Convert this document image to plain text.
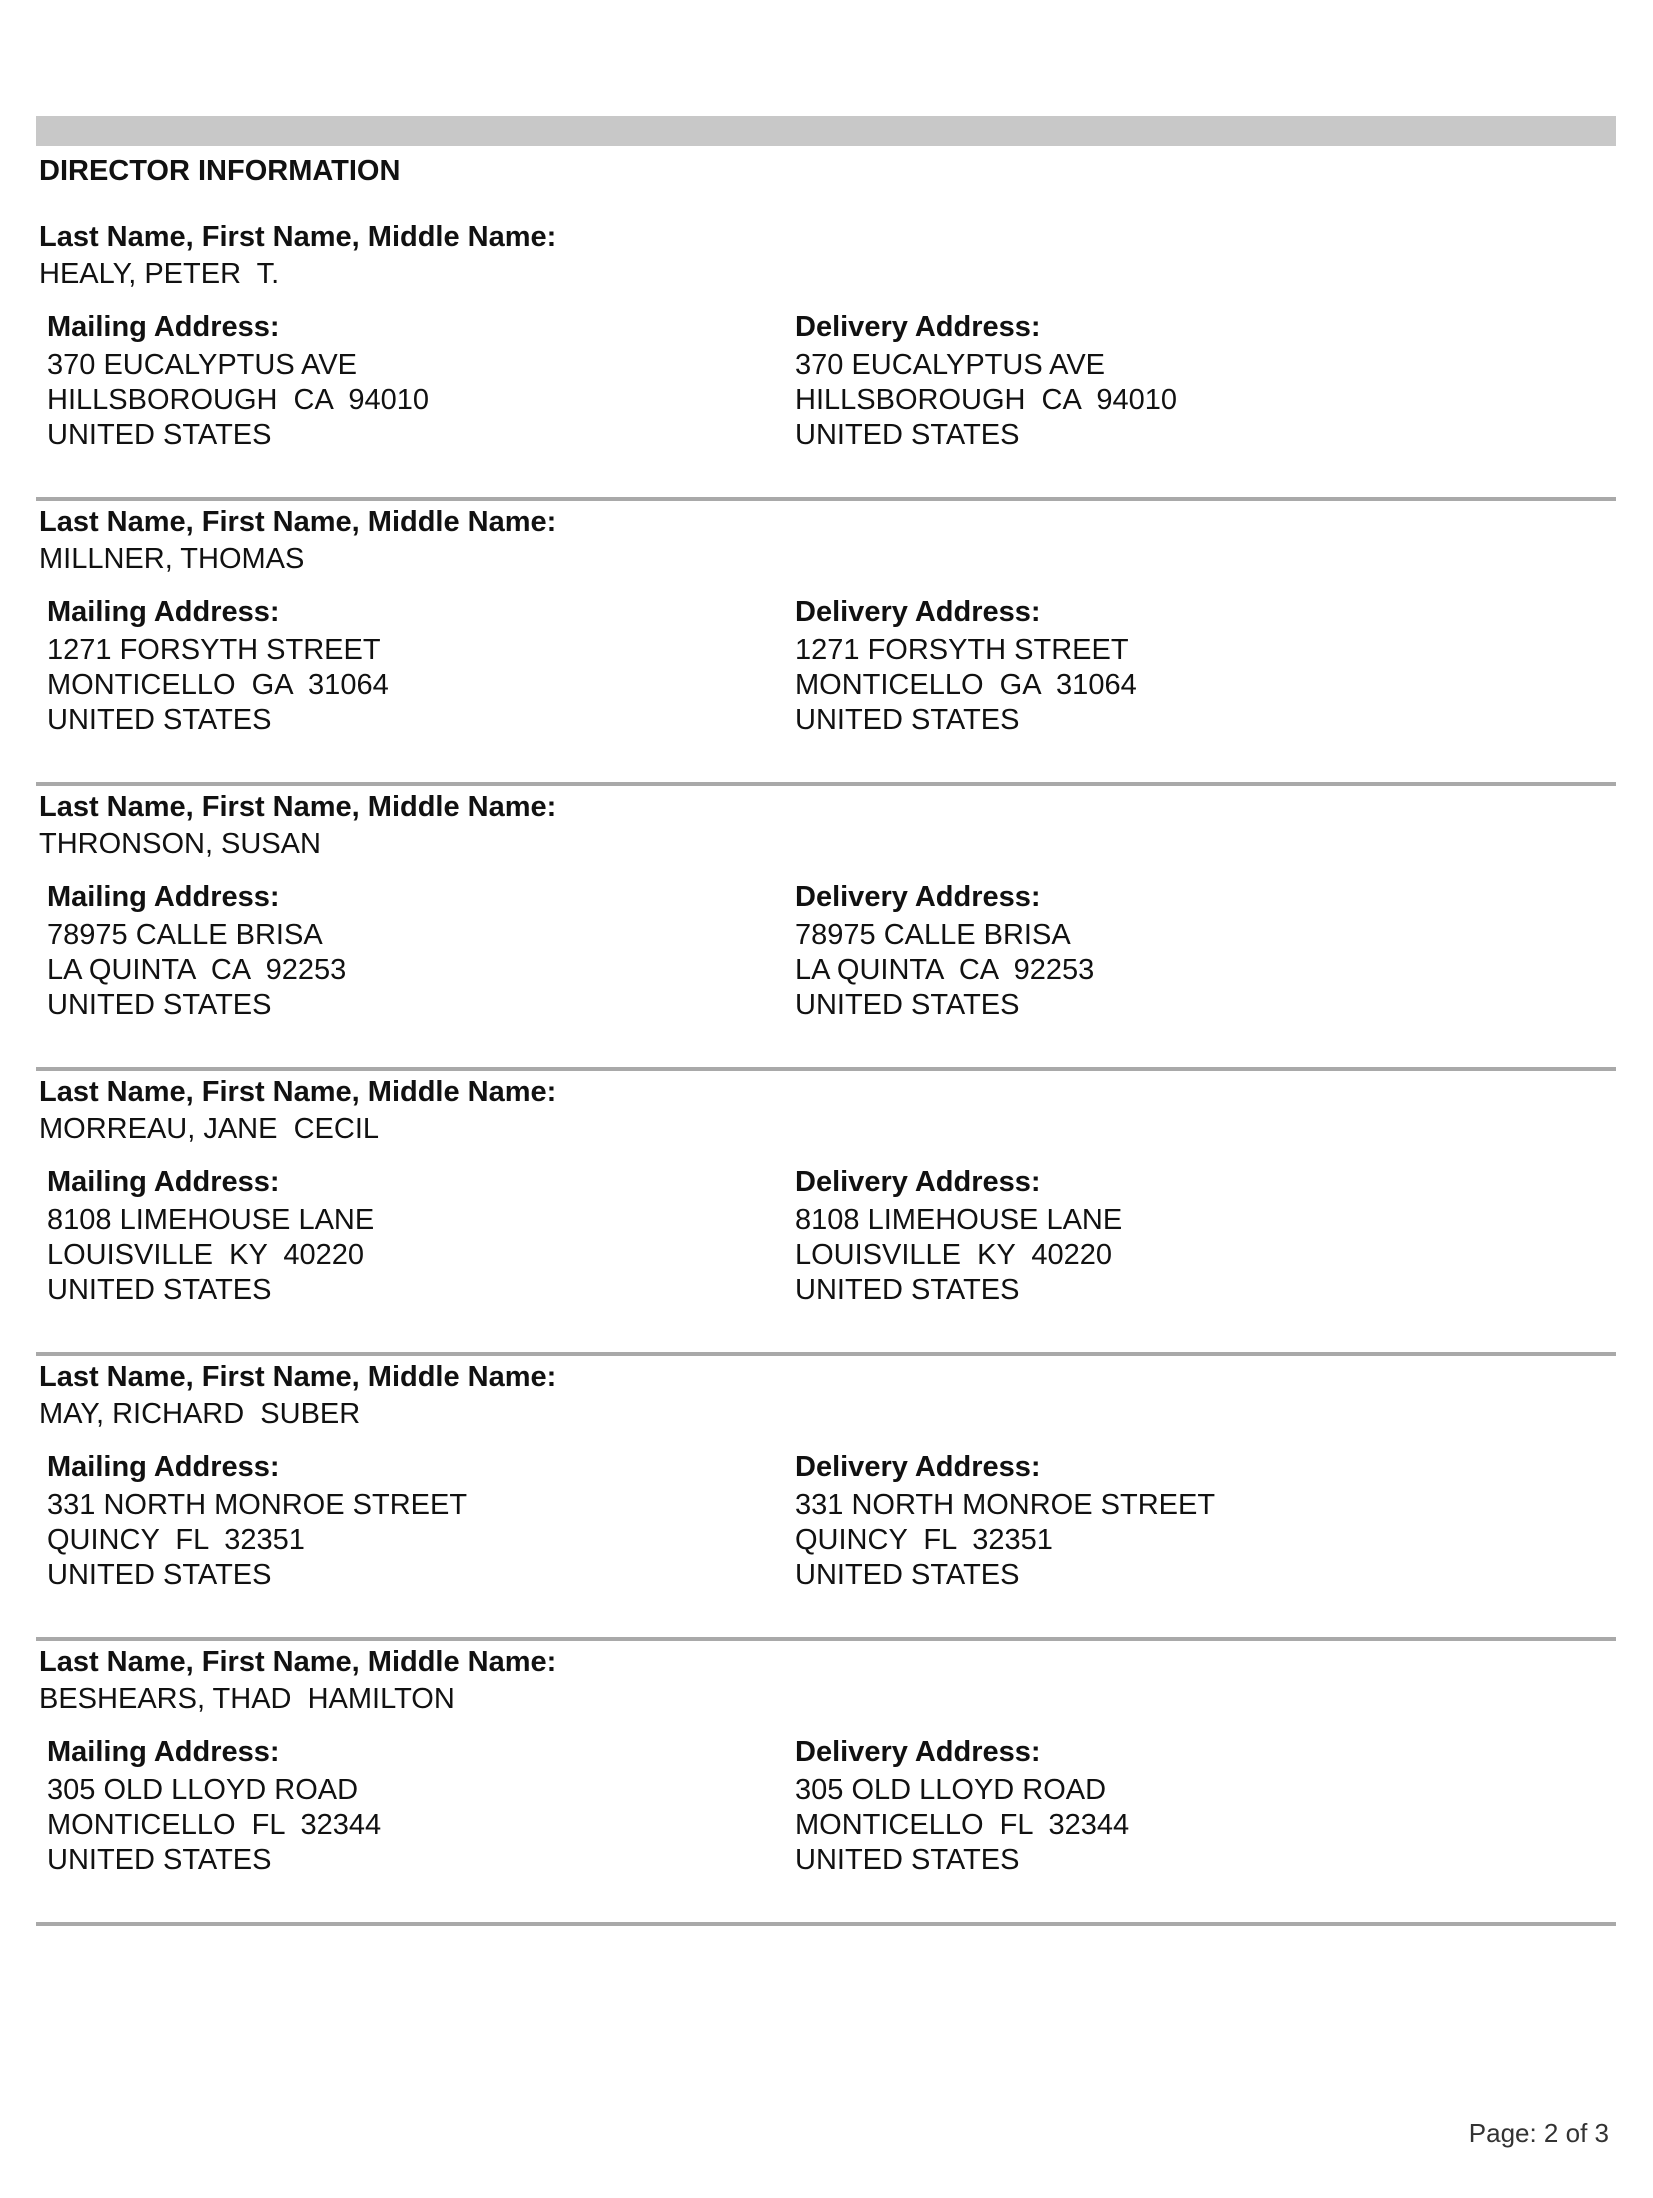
DIRECTOR INFORMATION
Last Name, First Name, Middle Name:
HEALY, PETER  T.
Mailing Address:
370 EUCALYPTUS AVE
HILLSBOROUGH  CA  94010
UNITED STATES
Delivery Address:
370 EUCALYPTUS AVE
HILLSBOROUGH  CA  94010
UNITED STATES
Last Name, First Name, Middle Name:
MILLNER, THOMAS
Mailing Address:
1271 FORSYTH STREET
MONTICELLO  GA  31064
UNITED STATES
Delivery Address:
1271 FORSYTH STREET
MONTICELLO  GA  31064
UNITED STATES
Last Name, First Name, Middle Name:
THRONSON, SUSAN
Mailing Address:
78975 CALLE BRISA
LA QUINTA  CA  92253
UNITED STATES
Delivery Address:
78975 CALLE BRISA
LA QUINTA  CA  92253
UNITED STATES
Last Name, First Name, Middle Name:
MORREAU, JANE  CECIL
Mailing Address:
8108 LIMEHOUSE LANE
LOUISVILLE  KY  40220
UNITED STATES
Delivery Address:
8108 LIMEHOUSE LANE
LOUISVILLE  KY  40220
UNITED STATES
Last Name, First Name, Middle Name:
MAY, RICHARD  SUBER
Mailing Address:
331 NORTH MONROE STREET
QUINCY  FL  32351
UNITED STATES
Delivery Address:
331 NORTH MONROE STREET
QUINCY  FL  32351
UNITED STATES
Last Name, First Name, Middle Name:
BESHEARS, THAD  HAMILTON
Mailing Address:
305 OLD LLOYD ROAD
MONTICELLO  FL  32344
UNITED STATES
Delivery Address:
305 OLD LLOYD ROAD
MONTICELLO  FL  32344
UNITED STATES
Page: 2 of 3
